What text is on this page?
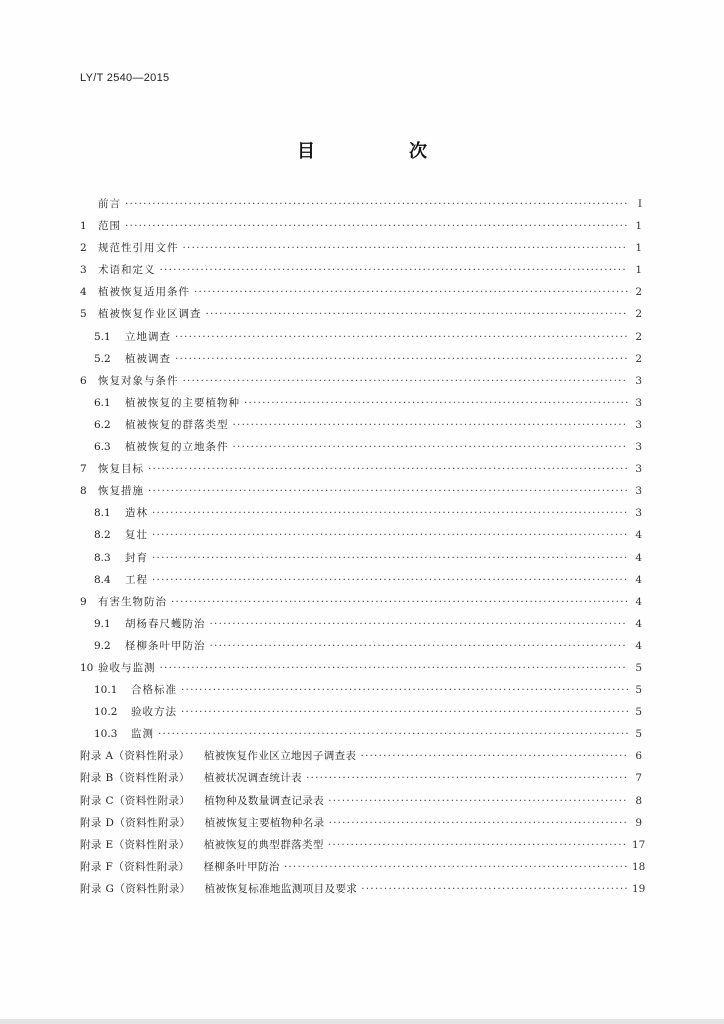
LY/T 2540—2015
目　次
前言 ·····	Ⅰ
1	范围 ·····	1
2	规范性引用文件 ·····	1
3	术语和定义 ·····	1
4	植被恢复适用条件 ·····	2
5	植被恢复作业区调查 ·····	2
5.1	立地调查 ·····	2
5.2	植被调查 ·····	2
6	恢复对象与条件 ·····	3
6.1	植被恢复的主要植物种 ·····	3
6.2	植被恢复的群落类型 ·····	3
6.3	植被恢复的立地条件 ·····	3
7	恢复目标 ·····	3
8	恢复措施 ·····	3
8.1	造林 ·····	3
8.2	复壮 ·····	4
8.3	封育 ·····	4
8.4	工程 ·····	4
9	有害生物防治 ·····	4
9.1	胡杨春尺蠖防治 ·····	4
9.2	柽柳条叶甲防治 ·····	4
10 验收与监测 ·····	5
10.1	合格标准 ·····	5
10.2	验收方法 ·····	5
10.3	监测 ·····	5
附录 A（资料性附录） 植被恢复作业区立地因子调查表 ·····	6
附录 B（资料性附录） 植被状况调查统计表 ·····	7
附录 C（资料性附录） 植物种及数量调查记录表 ·····	8
附录 D（资料性附录） 植被恢复主要植物种名录 ·····	9
附录 E（资料性附录） 植被恢复的典型群落类型 ·····	17
附录 F（资料性附录） 柽柳条叶甲防治 ·····	18
附录 G（资料性附录） 植被恢复标准地监测项目及要求 ·····	19
